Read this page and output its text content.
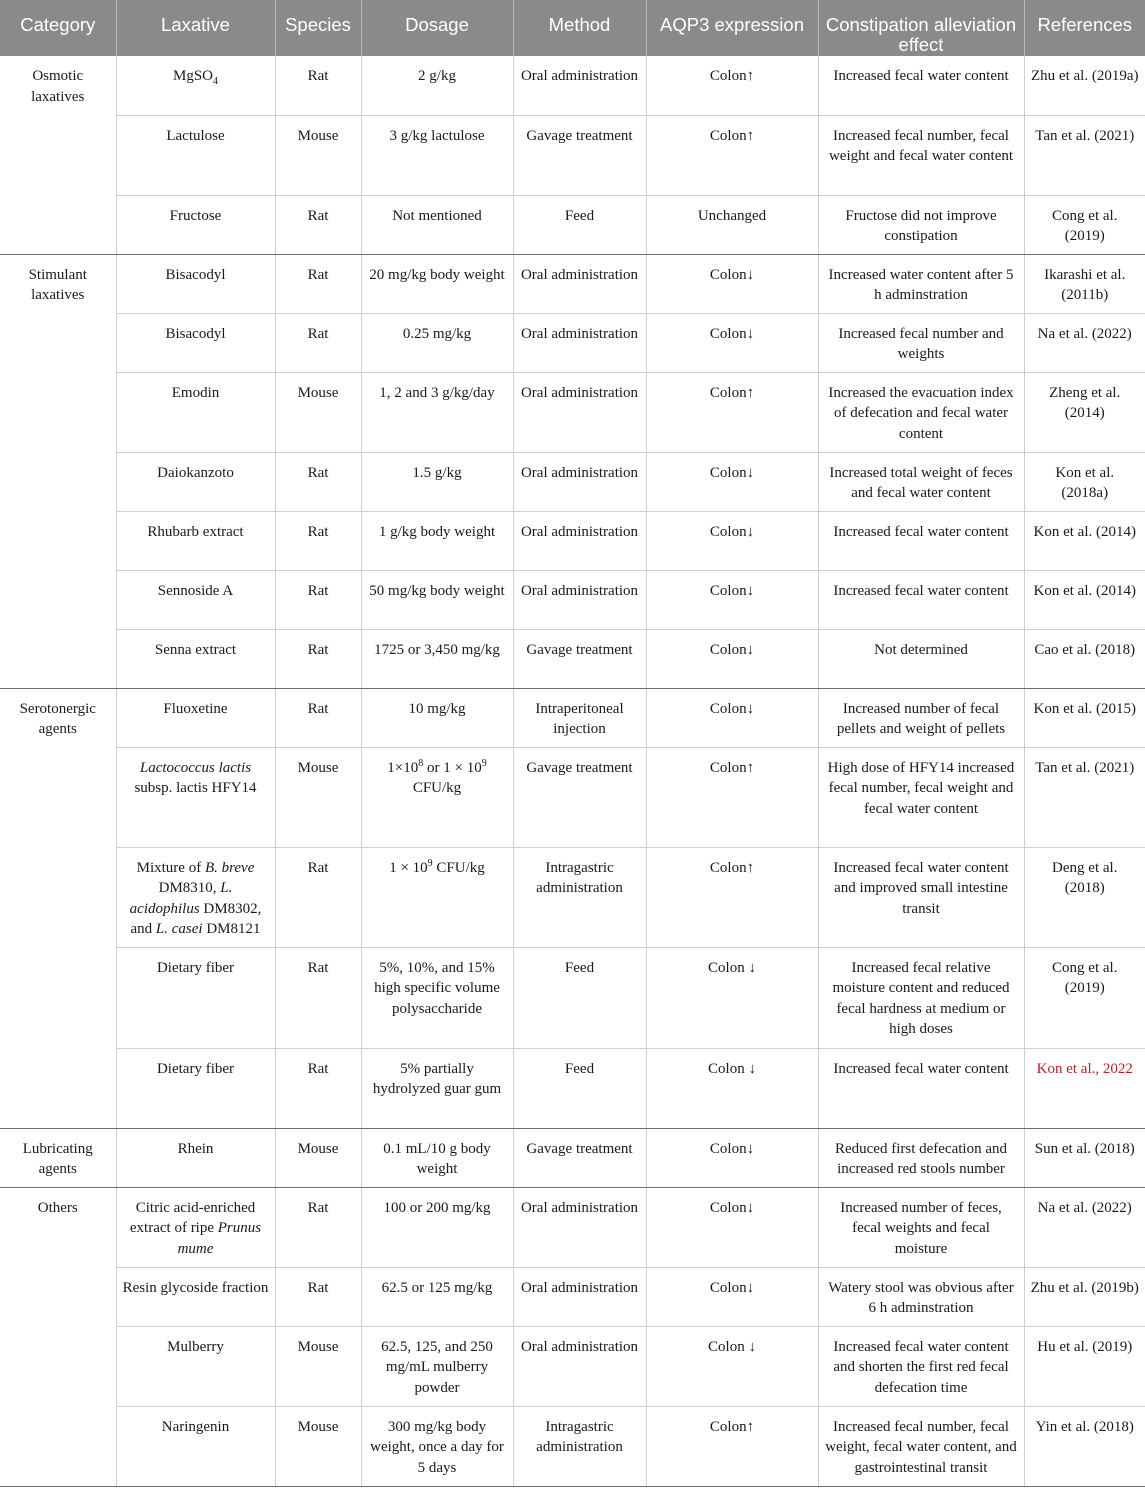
Category	Laxative	Species	Dosage	Method	AQP3 expression	Constipation alleviation effect	References
Osmotic laxatives	MgSO$_4$	Rat	2 g/kg	Oral administration	Colon↑	Increased fecal water content	Zhu et al. (2019a)
	Lactulose	Mouse	3 g/kg lactulose	Gavage treatment	Colon↑	Increased fecal number, fecal weight and fecal water content	Tan et al. (2021)
	Fructose	Rat	Not mentioned	Feed	Unchanged	Fructose did not improve constipation	Cong et al. (2019)
Stimulant laxatives	Bisacodyl	Rat	20 mg/kg body weight	Oral administration	Colon↓	Increased water content after 5 h adminstration	Ikarashi et al. (2011b)
	Bisacodyl	Rat	0.25 mg/kg	Oral administration	Colon↓	Increased fecal number and weights	Na et al. (2022)
	Emodin	Mouse	1, 2 and 3 g/kg/day	Oral administration	Colon↑	Increased the evacuation index of defecation and fecal water content	Zheng et al. (2014)
	Daiokanzoto	Rat	1.5 g/kg	Oral administration	Colon↓	Increased total weight of feces and fecal water content	Kon et al. (2018a)
	Rhubarb extract	Rat	1 g/kg body weight	Oral administration	Colon↓	Increased fecal water content	Kon et al. (2014)
	Sennoside A	Rat	50 mg/kg body weight	Oral administration	Colon↓	Increased fecal water content	Kon et al. (2014)
	Senna extract	Rat	1725 or 3,450 mg/kg	Gavage treatment	Colon↓	Not determined	Cao et al. (2018)
Serotonergic agents	Fluoxetine	Rat	10 mg/kg	Intraperitoneal injection	Colon↓	Increased number of fecal pellets and weight of pellets	Kon et al. (2015)
	Lactococcus lactis subsp. lactis HFY14	Mouse	$1\times 10^8$ or $1 \times 10^9$ CFU/kg	Gavage treatment	Colon↑	High dose of HFY14 increased fecal number, fecal weight and fecal water content	Tan et al. (2021)
	Mixture of B. breve DM8310, L. acidophilus DM8302, and L. casei DM8121	Rat	$1 \times 10^9$ CFU/kg	Intragastric administration	Colon↑	Increased fecal water content and improved small intestine transit	Deng et al. (2018)
	Dietary fiber	Rat	5%, 10%, and 15% high specific volume polysaccharide	Feed	Colon ↓	Increased fecal relative moisture content and reduced fecal hardness at medium or high doses	Cong et al. (2019)
	Dietary fiber	Rat	5% partially hydrolyzed guar gum	Feed	Colon ↓	Increased fecal water content	Kon et al., 2022
Lubricating agents	Rhein	Mouse	0.1 mL/10 g body weight	Gavage treatment	Colon↓	Reduced first defecation and increased red stools number	Sun et al. (2018)
Others	Citric acid-enriched extract of ripe Prunus mume	Rat	100 or 200 mg/kg	Oral administration	Colon↓	Increased number of feces, fecal weights and fecal moisture	Na et al. (2022)
	Resin glycoside fraction	Rat	62.5 or 125 mg/kg	Oral administration	Colon↓	Watery stool was obvious after 6 h adminstration	Zhu et al. (2019b)
	Mulberry	Mouse	62.5, 125, and 250 mg/mL mulberry powder	Oral administration	Colon ↓	Increased fecal water content and shorten the first red fecal defecation time	Hu et al. (2019)
	Naringenin	Mouse	300 mg/kg body weight, once a day for 5 days	Intragastric administration	Colon↑	Increased fecal number, fecal weight, fecal water content, and gastrointestinal transit	Yin et al. (2018)
